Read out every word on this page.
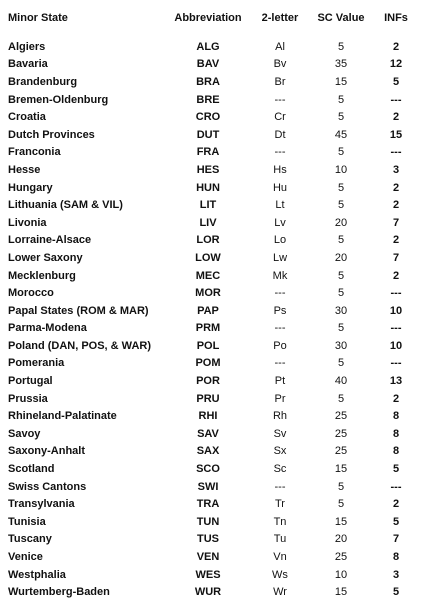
Minor State	Abbreviation	2-letter	SC Value	INFs

Algiers	ALG	Al	5	2
Bavaria	BAV	Bv	35	12
Brandenburg	BRA	Br	15	5
Bremen-Oldenburg	BRE	---	5	---
Croatia	CRO	Cr	5	2
Dutch Provinces	DUT	Dt	45	15
Franconia	FRA	---	5	---
Hesse	HES	Hs	10	3
Hungary	HUN	Hu	5	2
Lithuania (SAM & VIL)	LIT	Lt	5	2
Livonia	LIV	Lv	20	7
Lorraine-Alsace	LOR	Lo	5	2
Lower Saxony	LOW	Lw	20	7
Mecklenburg	MEC	Mk	5	2
Morocco	MOR	---	5	---
Papal States (ROM & MAR)	PAP	Ps	30	10
Parma-Modena	PRM	---	5	---
Poland (DAN, POS, & WAR)	POL	Po	30	10
Pomerania	POM	---	5	---
Portugal	POR	Pt	40	13
Prussia	PRU	Pr	5	2
Rhineland-Palatinate	RHI	Rh	25	8
Savoy	SAV	Sv	25	8
Saxony-Anhalt	SAX	Sx	25	8
Scotland	SCO	Sc	15	5
Swiss Cantons	SWI	---	5	---
Transylvania	TRA	Tr	5	2
Tunisia	TUN	Tn	15	5
Tuscany	TUS	Tu	20	7
Venice	VEN	Vn	25	8
Westphalia	WES	Ws	10	3
Wurtemberg-Baden	WUR	Wr	15	5
